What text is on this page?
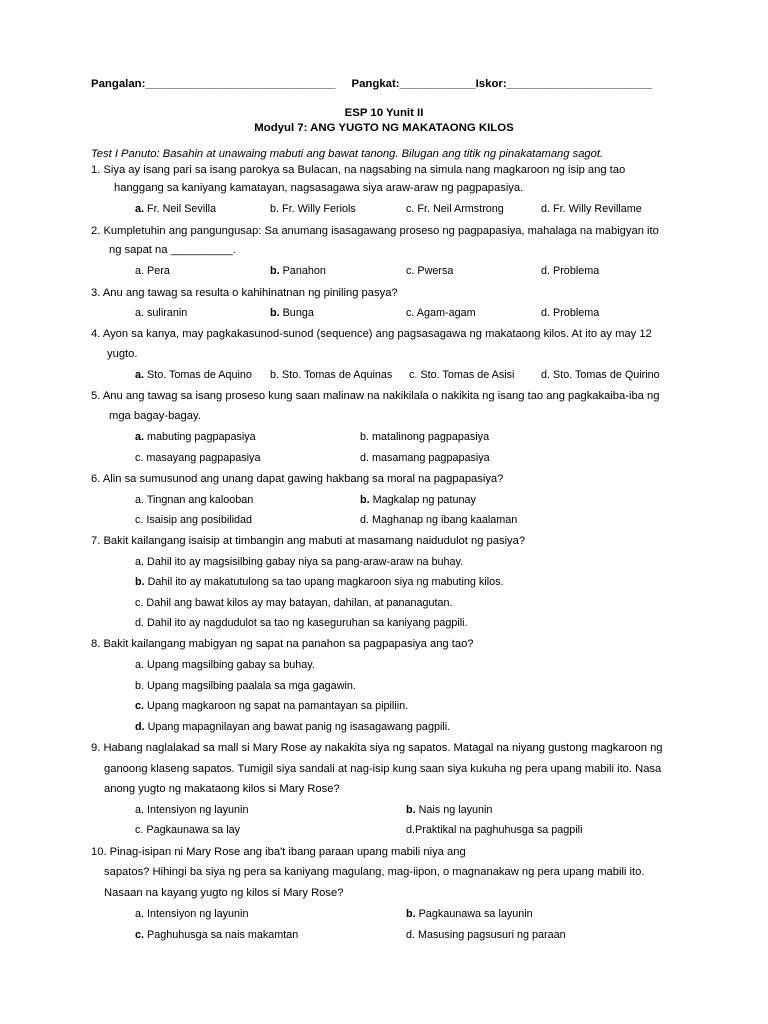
Pangalan:______________________________ Pangkat:____________Iskor:_______________________
ESP 10 Yunit II
Modyul 7: ANG YUGTO NG MAKATAONG KILOS
Test I Panuto: Basahin at unawaing mabuti ang bawat tanong. Bilugan ang titik ng pinakatamang sagot.
1. Siya ay isang pari sa isang parokya sa Bulacan, na nagsabing na simula nang magkaroon ng isip ang tao
hanggang sa kaniyang kamatayan, nagsasagawa siya araw-araw ng pagpapasiya.
a. Fr. Neil Sevilla	b. Fr. Willy Feriols	c. Fr. Neil Armstrong	d. Fr. Willy Revillame
2. Kumpletuhin ang pangungusap: Sa anumang isasagawang proseso ng pagpapasiya, mahalaga na mabigyan ito
ng sapat na __________.
a. Pera	b. Panahon	c. Pwersa	d. Problema
3. Anu ang tawag sa resulta o kahihinatnan ng piniling pasya?
a. suliranin	b. Bunga	c. Agam-agam	d. Problema
4. Ayon sa kanya, may pagkakasunod-sunod (sequence) ang pagsasagawa ng makataong kilos. At ito ay may 12
yugto.
a. Sto. Tomas de Aquino b. Sto. Tomas de Aquinas c. Sto. Tomas de Asisi d. Sto. Tomas de Quirino
5. Anu ang tawag sa isang proseso kung saan malinaw na nakikilala o nakikita ng isang tao ang pagkakaiba-iba ng
mga bagay-bagay.
a. mabuting pagpapasiya	b. matalinong pagpapasiya
c. masayang pagpapasiya	d. masamang pagpapasiya
6. Alin sa sumusunod ang unang dapat gawing hakbang sa moral na pagpapasiya?
a. Tingnan ang kalooban	b. Magkalap ng patunay
c. Isaisip ang posibilidad	d. Maghanap ng ibang kaalaman
7. Bakit kailangang isaisip at timbangin ang mabuti at masamang naidudulot ng pasiya?
a. Dahil ito ay magsisilbing gabay niya sa pang-araw-araw na buhay.
b. Dahil ito ay makatutulong sa tao upang magkaroon siya ng mabuting kilos.
c. Dahil ang bawat kilos ay may batayan, dahilan, at pananagutan.
d. Dahil ito ay nagdudulot sa tao ng kaseguruhan sa kaniyang pagpili.
8. Bakit kailangang mabigyan ng sapat na panahon sa pagpapasiya ang tao?
a. Upang magsilbing gabay sa buhay.
b. Upang magsilbing paalala sa mga gagawin.
c. Upang magkaroon ng sapat na pamantayan sa pipiliin.
d. Upang mapagnilayan ang bawat panig ng isasagawang pagpili.
9. Habang naglalakad sa mall si Mary Rose ay nakakita siya ng sapatos. Matagal na niyang gustong magkaroon ng
ganoong klaseng sapatos. Tumigil siya sandali at nag-isip kung saan siya kukuha ng pera upang mabili ito. Nasa
anong yugto ng makataong kilos si Mary Rose?
a. Intensiyon ng layunin	b. Nais ng layunin
c. Pagkaunawa sa lay	d.Praktikal na paghuhusga sa pagpili
10. Pinag-isipan ni Mary Rose ang iba't ibang paraan upang mabili niya ang
sapatos? Hihingi ba siya ng pera sa kaniyang magulang, mag-iipon, o magnanakaw ng pera upang mabili ito.
Nasaan na kayang yugto ng kilos si Mary Rose?
a. Intensiyon ng layunin	b. Pagkaunawa sa layunin
c. Paghuhusga sa nais makamtan	d. Masusing pagsusuri ng paraan
